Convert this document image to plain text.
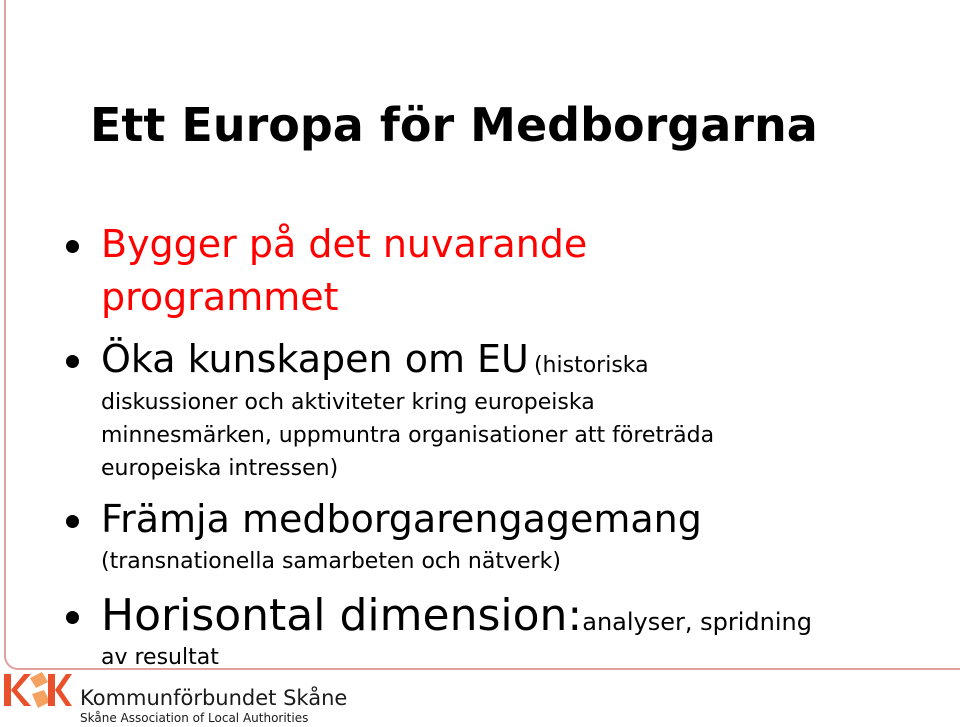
Ett Europa för Medborgarna
Bygger på det nuvarande
programmet
Öka kunskapen om EU (historiska
diskussioner och aktiviteter kring europeiska
minnesmärken, uppmuntra organisationer att företräda
europeiska intressen)
Främja medborgarengagemang
(transnationella samarbeten och nätverk)
Horisontal dimension:analyser, spridning
av resultat
Kommunförbundet Skåne
Skåne Association of Local Authorities
